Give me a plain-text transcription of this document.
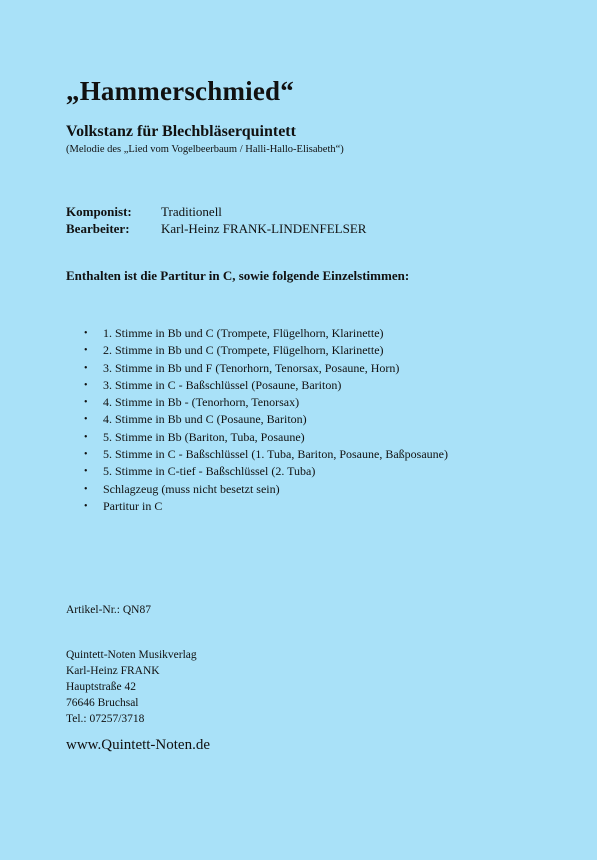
„Hammerschmied“
Volkstanz für Blechbläserquintett

(Melodie des „Lied vom Vogelbeerbaum / Halli-Hallo-Elisabeth“)

Komponist:	Traditionell
Bearbeiter:	Karl-Heinz FRANK-LINDENFELSER

Enthalten ist die Partitur in C, sowie folgende Einzelstimmen:

• 1. Stimme in Bb und C (Trompete, Flügelhorn, Klarinette)
• 2. Stimme in Bb und C (Trompete, Flügelhorn, Klarinette)
• 3. Stimme in Bb und F (Tenorhorn, Tenorsax, Posaune, Horn)
• 3. Stimme in C - Baßschlüssel (Posaune, Bariton)
• 4. Stimme in Bb - (Tenorhorn, Tenorsax)
• 4. Stimme in Bb und C (Posaune, Bariton)
• 5. Stimme in Bb (Bariton, Tuba, Posaune)
• 5. Stimme in C - Baßschlüssel (1. Tuba, Bariton, Posaune, Baßposaune)
• 5. Stimme in C-tief - Baßschlüssel (2. Tuba)
• Schlagzeug (muss nicht besetzt sein)
• Partitur in C
Artikel-Nr.: QN87
Quintett-Noten Musikverlag
Karl-Heinz FRANK
Hauptstraße 42
76646 Bruchsal
Tel.: 07257/3718
www.Quintett-Noten.de
